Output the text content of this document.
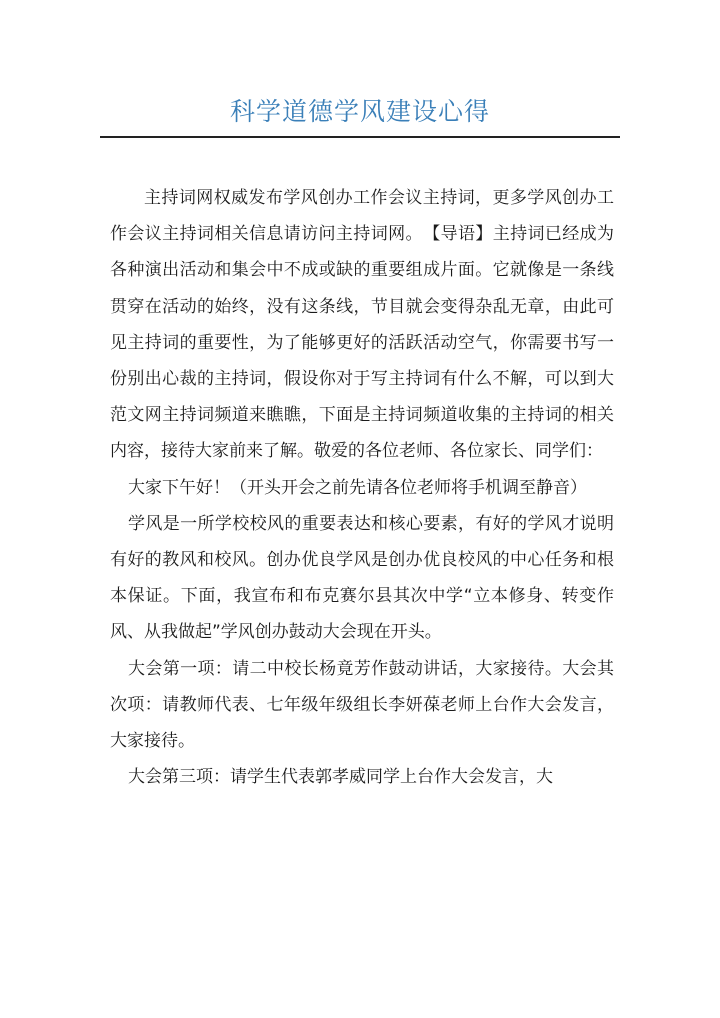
科学道德学风建设心得

主持词网权威发布学风创办工作会议主持词，更多学风创办工作会议主持词相关信息请访问主持词网。　【导语】主持词已经成为各种演出活动和集会中不成或缺的重要组成片面。它就像是一条线贯穿在活动的始终，没有这条线，节目就会变得杂乱无章，由此可见主持词的重要性，为了能够更好的活跃活动空气，你需要书写一份别出心裁的主持词，假设你对于写主持词有什么不解，可以到大范文网主持词频道来瞧瞧，下面是主持词频道收集的主持词的相关内容，接待大家前来了解。敬爱的各位老师、各位家长、同学们：

大家下午好！（开头开会之前先请各位老师将手机调至静音）

学风是一所学校校风的重要表达和核心要素，有好的学风才说明有好的教风和校风。创办优良学风是创办优良校风的中心任务和根本保证。下面，我宣布和布克赛尔县其次中学“立本修身、转变作风、从我做起”学风创办鼓动大会现在开头。

大会第一项：请二中校长杨竟芳作鼓动讲话，大家接待。大会其次项：请教师代表、七年级年级组长李妍葆老师上台作大会发言，大家接待。

大会第三项：请学生代表郭孝威同学上台作大会发言，大
